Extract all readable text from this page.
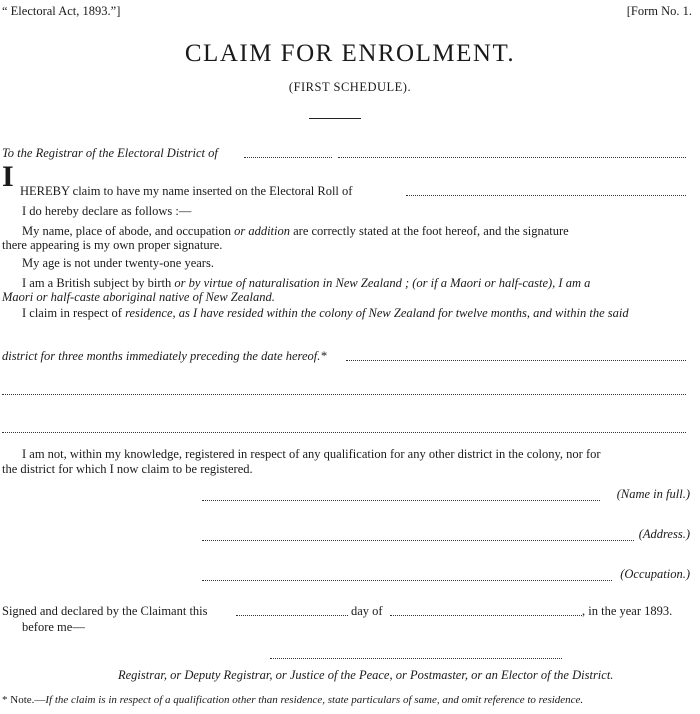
“ Electoral Act, 1893.”]	[Form No. 1.
CLAIM FOR ENROLMENT.
(FIRST SCHEDULE).
To the Registrar of the Electoral District of
I HEREBY claim to have my name inserted on the Electoral Roll of
I do hereby declare as follows :—
My name, place of abode, and occupation or addition are correctly stated at the foot hereof, and the signature
there appearing is my own proper signature.
My age is not under twenty-one years.
I am a British subject by birth or by virtue of naturalisation in New Zealand ; (or if a Maori or half-caste), I am a
Maori or half-caste aboriginal native of New Zealand.
I claim in respect of residence, as I have resided within the colony of New Zealand for twelve months, and within the said
district for three months immediately preceding the date hereof.*
I am not, within my knowledge, registered in respect of any qualification for any other district in the colony, nor for
the district for which I now claim to be registered.
(Name in full.)
(Address.)
(Occupation.)
Signed and declared by the Claimant this	day of	, in the year 1893.
before me—
Registrar, or Deputy Registrar, or Justice of the Peace, or Postmaster, or an Elector of the District.
* Note.—If the claim is in respect of a qualification other than residence, state particulars of same, and omit reference to residence.
